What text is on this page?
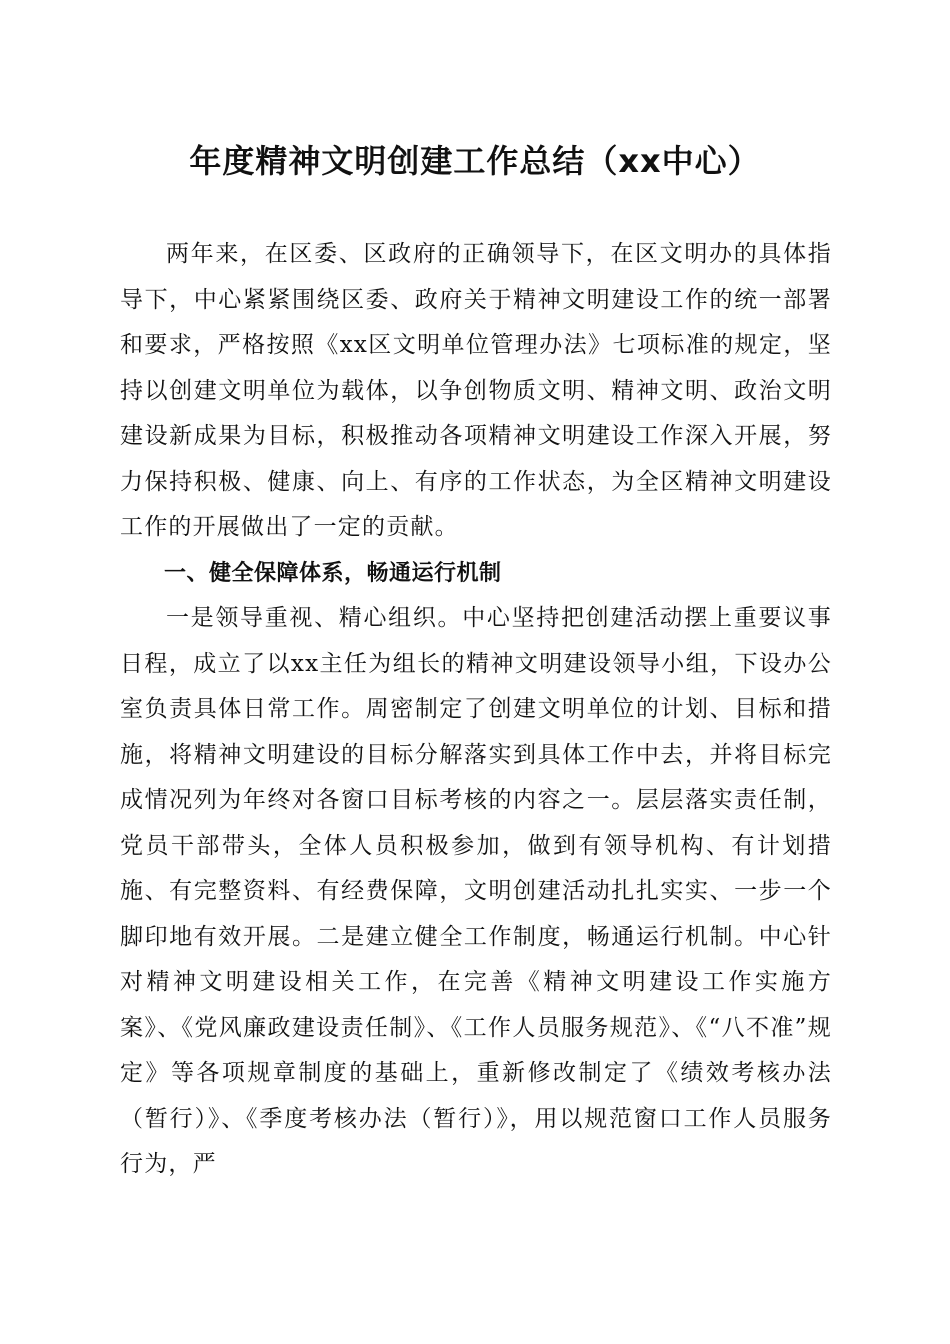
年度精神文明创建工作总结（xx中心）

两年来，在区委、区政府的正确领导下，在区文明办的具体指导下，中心紧紧围绕区委、政府关于精神文明建设工作的统一部署和要求，严格按照《xx区文明单位管理办法》七项标准的规定，坚持以创建文明单位为载体，以争创物质文明、精神文明、政治文明建设新成果为目标，积极推动各项精神文明建设工作深入开展，努力保持积极、健康、向上、有序的工作状态，为全区精神文明建设工作的开展做出了一定的贡献。

一、健全保障体系，畅通运行机制

一是领导重视、精心组织。中心坚持把创建活动摆上重要议事日程，成立了以xx主任为组长的精神文明建设领导小组，下设办公室负责具体日常工作。周密制定了创建文明单位的计划、目标和措施，将精神文明建设的目标分解落实到具体工作中去，并将目标完成情况列为年终对各窗口目标考核的内容之一。层层落实责任制，党员干部带头，全体人员积极参加，做到有领导机构、有计划措施、有完整资料、有经费保障，文明创建活动扎扎实实、一步一个脚印地有效开展。二是建立健全工作制度，畅通运行机制。中心针对精神文明建设相关工作，在完善《精神文明建设工作实施方案》、《党风廉政建设责任制》、《工作人员服务规范》、《“八不准”规定》等各项规章制度的基础上，重新修改制定了《绩效考核办法（暂行）》、《季度考核办法（暂行）》，用以规范窗口工作人员服务行为，严
